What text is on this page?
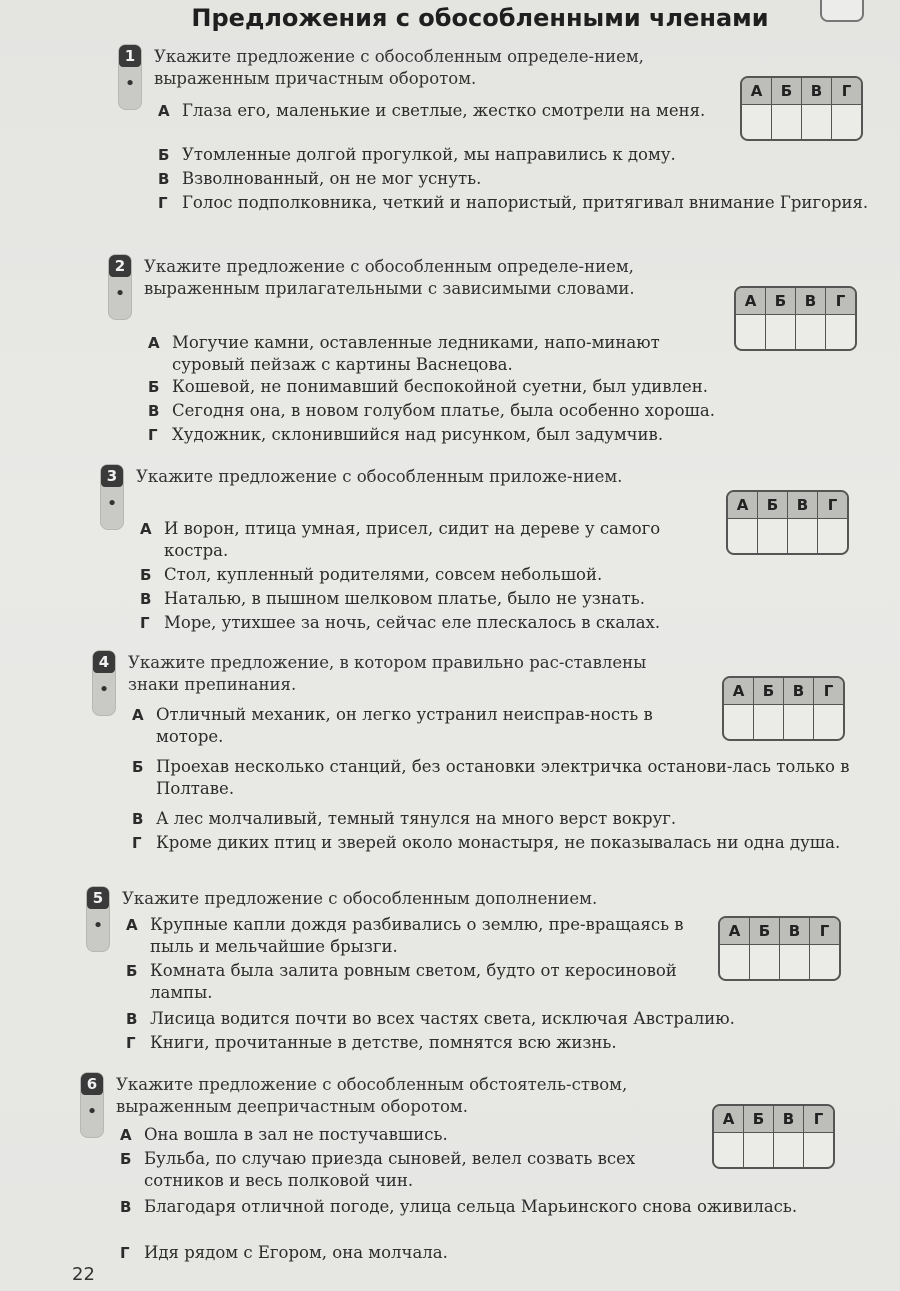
Предложения с обособленными членами
1
•
Укажите предложение с обособленным определе-нием, выраженным причастным оборотом.
А Глаза его, маленькие и светлые, жестко смотрели на меня.
Б Утомленные долгой прогулкой, мы направились к дому.
В Взволнованный, он не мог уснуть.
Г Голос подполковника, четкий и напористый, притягивал внимание Григория.
А	Б	В	Г

2
•
Укажите предложение с обособленным определе-нием, выраженным прилагательными с зависимыми словами.
А Могучие камни, оставленные ледниками, напо-минают суровый пейзаж с картины Васнецова.
Б Кошевой, не понимавший беспокойной суетни, был удивлен.
В Сегодня она, в новом голубом платье, была особенно хороша.
Г Художник, склонившийся над рисунком, был задумчив.
А	Б	В	Г

3
•
Укажите предложение с обособленным приложе-нием.
А И ворон, птица умная, присел, сидит на дереве у самого костра.
Б Стол, купленный родителями, совсем небольшой.
В Наталью, в пышном шелковом платье, было не узнать.
Г Море, утихшее за ночь, сейчас еле плескалось в скалах.
А	Б	В	Г

4
•
Укажите предложение, в котором правильно рас-ставлены знаки препинания.
А Отличный механик, он легко устранил неисправ-ность в моторе.
Б Проехав несколько станций, без остановки электричка останови-лась только в Полтаве.
В А лес молчаливый, темный тянулся на много верст вокруг.
Г Кроме диких птиц и зверей около монастыря, не показывалась ни одна душа.
А	Б	В	Г

5
•
Укажите предложение с обособленным дополнением.
А Крупные капли дождя разбивались о землю, пре-вращаясь в пыль и мельчайшие брызги.
Б Комната была залита ровным светом, будто от керосиновой лампы.
В Лисица водится почти во всех частях света, исключая Австралию.
Г Книги, прочитанные в детстве, помнятся всю жизнь.
А	Б	В	Г

6
•
Укажите предложение с обособленным обстоятель-ством, выраженным деепричастным оборотом.
А Она вошла в зал не постучавшись.
Б Бульба, по случаю приезда сыновей, велел созвать всех сотников и весь полковой чин.
В Благодаря отличной погоде, улица сельца Марьинского снова оживилась.
Г Идя рядом с Егором, она молчала.
А	Б	В	Г

22
